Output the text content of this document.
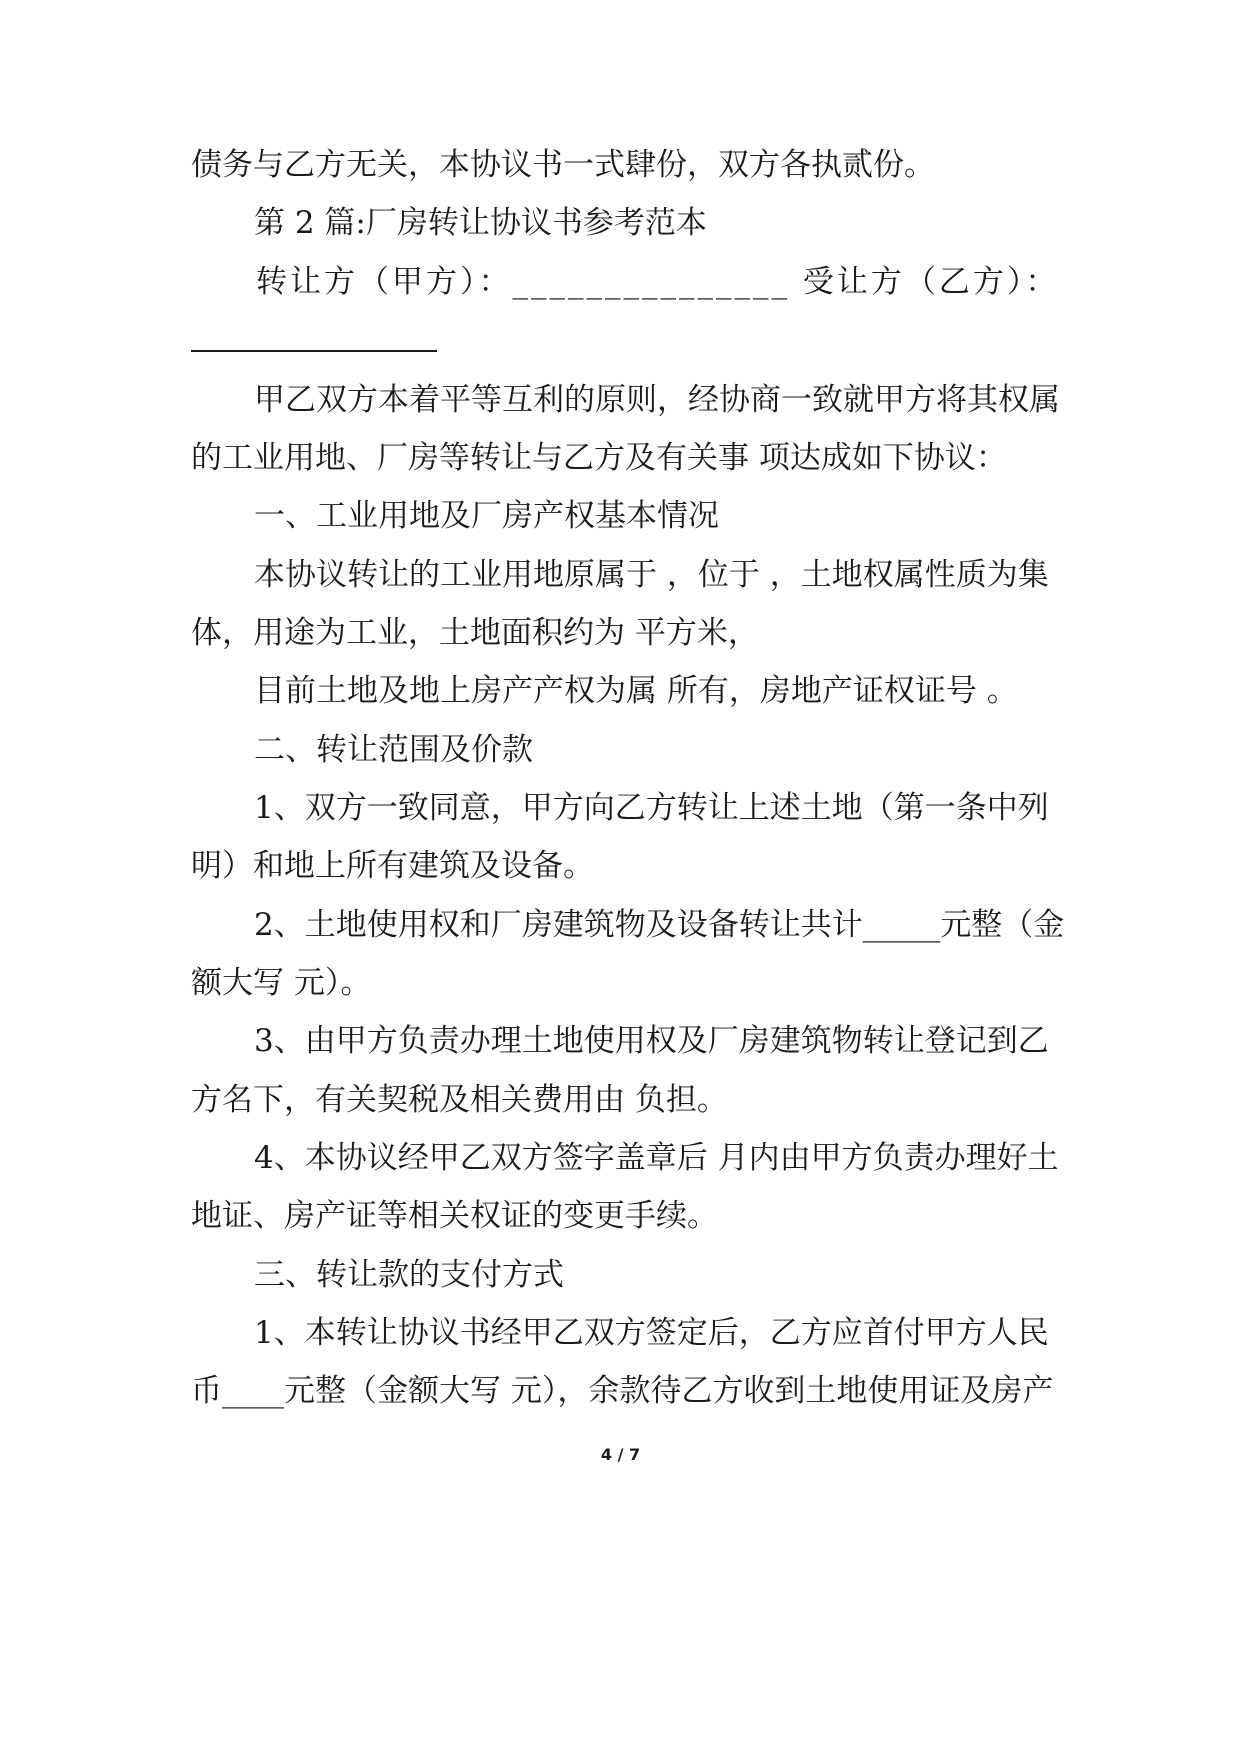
债务与乙方无关，本协议书一式肆份，双方各执贰份。
第 2 篇:厂房转让协议书参考范本
转让方（甲方）：_______________ 受让方（乙方）：
甲乙双方本着平等互利的原则，经协商一致就甲方将其权属
的工业用地、厂房等转让与乙方及有关事 项达成如下协议：
一、工业用地及厂房产权基本情况
本协议转让的工业用地原属于 ，位于 ，土地权属性质为集
体，用途为工业，土地面积约为 平方米，
目前土地及地上房产产权为属 所有，房地产证权证号 。
二、转让范围及价款
1、双方一致同意，甲方向乙方转让上述土地（第一条中列
明）和地上所有建筑及设备。
2、土地使用权和厂房建筑物及设备转让共计_____元整（金
额大写 元）。
3、由甲方负责办理土地使用权及厂房建筑物转让登记到乙
方名下，有关契税及相关费用由 负担。
4、本协议经甲乙双方签字盖章后 月内由甲方负责办理好土
地证、房产证等相关权证的变更手续。
三、转让款的支付方式
1、本转让协议书经甲乙双方签定后，乙方应首付甲方人民
币____元整（金额大写 元），余款待乙方收到土地使用证及房产
4 / 7
